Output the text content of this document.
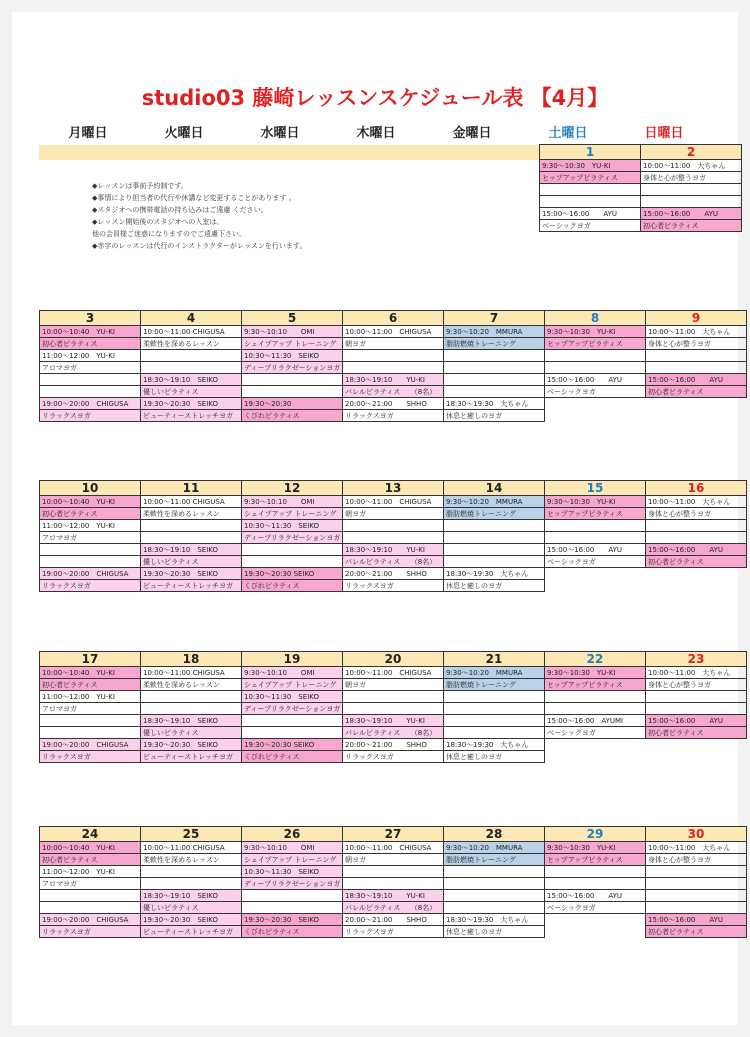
studio03 藤崎レッスンスケジュール表 【4月】
月曜日	火曜日	水曜日	木曜日	金曜日	土曜日	日曜日
◆レッスンは事前予約制です。
◆事情により担当者の代行や休講など変更することがあります 。
◆スタジオへの携帯電話の持ち込みはご遠慮 ください。
◆レッスン開始後のスタジオへの入室は、
他の会員様ご迷惑になりますのでご遠慮下さい。
◆赤字のレッスンは代行のインストラクターがレッスンを行います。
					1	2
					9:30〜10:30　YU-KI	10:00〜11:00　大ちゃん
					ヒップアップピラティス	身体と心が整うヨガ

					15:00〜16:00　　AYU	15:00〜16:00　　AYU
					ベーシックヨガ	初心者ピラティス
3	4	5	6	7	8	9
10:00〜10:40　YU-KI	10:00〜11:00 CHIGUSA	9:30〜10:10　　OMI	10:00〜11:00　CHIGUSA	9:30〜10:20　MMURA	9:30〜10:30　YU-KI	10:00〜11:00　大ちゃん
初心者ピラティス	柔軟性を深めるレッスン	シェイプアップ トレーニング	朝ヨガ	脂肪燃焼トレーニング	ヒップアップピラティス	身体と心が整うヨガ
11:00〜12:00　YU-KI		10:30〜11:30　SEIKO				
アロマヨガ		ディープリラクゼーションヨガ				
	18:30〜19:10　SEIKO		18:30〜19:10　　YU-KI		15:00〜16:00　　AYU	15:00〜16:00　　AYU
	優しいピラティス		バレルピラティス　　（8名）		ベーシックヨガ	初心者ピラティス
19:00〜20:00　CHIGUSA	19:30〜20:30　SEIKO	19:30〜20:30	20:00〜21:00　　SHHO	18:30〜19:30　大ちゃん		
リラックスヨガ	ビューティーストレッチヨガ	くびれピラティス	リラックスヨガ	休息と癒しのヨガ		
10	11	12	13	14	15	16
10:00〜10:40　YU-KI	10:00〜11:00 CHIGUSA	9:30〜10:10　　OMI	10:00〜11:00　CHIGUSA	9:30〜10:20　MMURA	9:30〜10:30　YU-KI	10:00〜11:00　大ちゃん
初心者ピラティス	柔軟性を深めるレッスン	シェイプアップ トレーニング	朝ヨガ	脂肪燃焼トレーニング	ヒップアップピラティス	身体と心が整うヨガ
11:00〜12:00　YU-KI		10:30〜11:30　SEIKO				
アロマヨガ		ディープリラクゼーションヨガ				
	18:30〜19:10　SEIKO		18:30〜19:10　　YU-KI		15:00〜16:00　　AYU	15:00〜16:00　　AYU
	優しいピラティス		バレルピラティス　　（8名）		ベーシックヨガ	初心者ピラティス
19:00〜20:00　CHIGUSA	19:30〜20:30　SEIKO	19:30〜20:30 SEIKO	20:00〜21:00　　SHHO	18:30〜19:30　大ちゃん		
リラックスヨガ	ビューティーストレッチヨガ	くびれピラティス	リラックスヨガ	休息と癒しのヨガ		
17	18	19	20	21	22	23
10:00〜10:40　YU-KI	10:00〜11:00 CHIGUSA	9:30〜10:10　　OMI	10:00〜11:00　CHIGUSA	9:30〜10:20　MMURA	9:30〜10:30　YU-KI	10:00〜11:00　大ちゃん
初心者ピラティス	柔軟性を深めるレッスン	シェイプアップ トレーニング	朝ヨガ	脂肪燃焼トレーニング	ヒップアップピラティス	身体と心が整うヨガ
11:00〜12:00　YU-KI		10:30〜11:30　SEIKO				
アロマヨガ		ディープリラクゼーションヨガ				
	18:30〜19:10　SEIKO		18:30〜19:10　　YU-KI		15:00〜16:00　AYUMI	15:00〜16:00　　AYU
	優しいピラティス		バレルピラティス　　（8名）		ベーシックヨガ	初心者ピラティス
19:00〜20:00　CHIGUSA	19:30〜20:30　SEIKO	19:30〜20:30 SEIKO	20:00〜21:00　　SHHO	18:30〜19:30　大ちゃん		
リラックスヨガ	ビューティーストレッチヨガ	くびれピラティス	リラックスヨガ	休息と癒しのヨガ		
24	25	26	27	28	29	30
10:00〜10:40　YU-KI	10:00〜11:00 CHIGUSA	9:30〜10:10　　OMI	10:00〜11:00　CHIGUSA	9:30〜10:20　MMURA	9:30〜10:30　YU-KI	10:00〜11:00　大ちゃん
初心者ピラティス	柔軟性を深めるレッスン	シェイプアップ トレーニング	朝ヨガ	脂肪燃焼トレーニング	ヒップアップピラティス	身体と心が整うヨガ
11:00〜12:00　YU-KI		10:30〜11:30　SEIKO				
アロマヨガ		ディープリラクゼーションヨガ				
	18:30〜19:10　SEIKO		18:30〜19:10　　YU-KI		15:00〜16:00　　AYU	
	優しいピラティス		バレルピラティス　　（8名）		ベーシックヨガ	
19:00〜20:00　CHIGUSA	19:30〜20:30　SEIKO	19:30〜20:30　SEIKO	20:00〜21:00　　SHHO	18:30〜19:30　大ちゃん		15:00〜16:00　　AYU
リラックスヨガ	ビューティーストレッチヨガ	くびれピラティス	リラックスヨガ	休息と癒しのヨガ		初心者ピラティス
